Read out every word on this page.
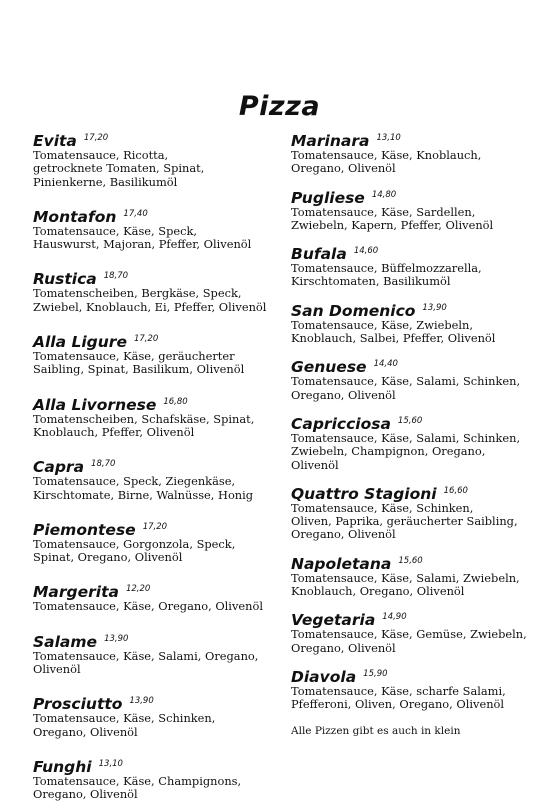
Pizza
Evita $^{17,20}$
Tomatensauce, Ricotta,
getrocknete Tomaten, Spinat,
Pinienkerne, Basilikumöl
Montafon $^{17,40}$
Tomatensauce, Käse, Speck,
Hauswurst, Majoran, Pfeffer, Olivenöl
Rustica $^{18,70}$
Tomatenscheiben, Bergkäse, Speck,
Zwiebel, Knoblauch, Ei, Pfeffer, Olivenöl
Alla Ligure $^{17,20}$
Tomatensauce, Käse, geräucherter
Saibling, Spinat, Basilikum, Olivenöl
Alla Livornese $^{16,80}$
Tomatenscheiben, Schafskäse, Spinat,
Knoblauch, Pfeffer, Olivenöl
Capra $^{18,70}$
Tomatensauce, Speck, Ziegenkäse,
Kirschtomate, Birne, Walnüsse, Honig
Piemontese $^{17,20}$
Tomatensauce, Gorgonzola, Speck,
Spinat, Oregano, Olivenöl
Margerita $^{12,20}$
Tomatensauce, Käse, Oregano, Olivenöl
Salame $^{13,90}$
Tomatensauce, Käse, Salami, Oregano,
Olivenöl
Prosciutto $^{13,90}$
Tomatensauce, Käse, Schinken,
Oregano, Olivenöl
Funghi $^{13,10}$
Tomatensauce, Käse, Champignons,
Oregano, Olivenöl
Marinara $^{13,10}$
Tomatensauce, Käse, Knoblauch,
Oregano, Olivenöl
Pugliese $^{14,80}$
Tomatensauce, Käse, Sardellen,
Zwiebeln, Kapern, Pfeffer, Olivenöl
Bufala $^{14,60}$
Tomatensauce, Büffelmozzarella,
Kirschtomaten, Basilikumöl
San Domenico $^{13,90}$
Tomatensauce, Käse, Zwiebeln,
Knoblauch, Salbei, Pfeffer, Olivenöl
Genuese $^{14,40}$
Tomatensauce, Käse, Salami, Schinken,
Oregano, Olivenöl
Capricciosa $^{15,60}$
Tomatensauce, Käse, Salami, Schinken,
Zwiebeln, Champignon, Oregano,
Olivenöl
Quattro Stagioni $^{16,60}$
Tomatensauce, Käse, Schinken,
Oliven, Paprika, geräucherter Saibling,
Oregano, Olivenöl
Napoletana $^{15,60}$
Tomatensauce, Käse, Salami, Zwiebeln,
Knoblauch, Oregano, Olivenöl
Vegetaria $^{14,90}$
Tomatensauce, Käse, Gemüse, Zwiebeln,
Oregano, Olivenöl
Diavola $^{15,90}$
Tomatensauce, Käse, scharfe Salami,
Pfefferoni, Oliven, Oregano, Olivenöl
Alle Pizzen gibt es auch in klein
